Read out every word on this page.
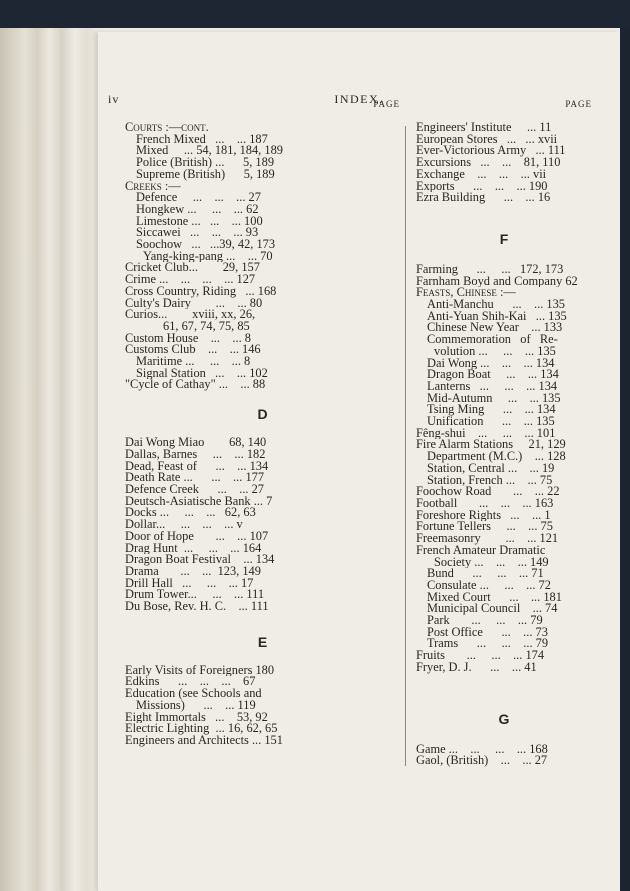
iv	INDEX.
PAGE
Courts :—cont.
French Mixed   ...    ... 187
Mixed     ... 54, 181, 184, 189
Police (British) ...      5, 189
Supreme (British)      5, 189
Creeks :—
Defence     ...    ...    ... 27
Hongkew ...     ...    ... 62
Limestone ...   ...    ... 100
Siccawei   ...    ...    ... 93
Soochow   ...   ...39, 42, 173
Yang-king-pang ...    ... 70
Cricket Club...        29, 157
Crime ...    ...    ...    ... 127
Cross Country, Riding   ... 168
Culty's Dairy        ...    ... 80
Curios...        xviii, xx, 26,
61, 67, 74, 75, 85
Custom House    ...    ... 8
Customs Club    ...    ... 146
Maritime ...     ...    ... 8
Signal Station   ...    ... 102
"Cycle of Cathay" ...    ... 88
D
Dai Wong Miao        68, 140
Dallas, Barnes     ...    ... 182
Dead, Feast of      ...    ... 134
Death Rate ...      ...    ... 177
Defence Creek      ...    ... 27
Deutsch-Asiatische Bank ... 7
Docks ...     ...    ...   62, 63
Dollar...     ...    ...    ... v
Door of Hope       ...    ... 107
Drag Hunt  ...     ...    ... 164
Dragon Boat Festival    ... 134
Drama       ...    ...  123, 149
Drill Hall   ...     ...    ... 17
Drum Tower...     ...    ... 111
Du Bose, Rev. H. C.    ... 111
E
Early Visits of Foreigners 180
Edkins      ...    ...    ...    67
Education (see Schools and
Missions)      ...    ... 119
Eight Immortals   ...    53, 92
Electric Lighting  ... 16, 62, 65
Engineers and Architects ... 151
PAGE
Engineers' Institute     ... 11
European Stores   ...   ... xvii
Ever-Victorious Army   ... 111
Excursions   ...    ...    81, 110
Exchange    ...    ...    ... vii
Exports      ...    ...    ... 190
Ezra Building      ...    ... 16
F
Farming      ...     ...   172, 173
Farnham Boyd and Company 62
Feasts, Chinese :—
Anti-Manchu      ...    ... 135
Anti-Yuan Shih-Kai   ... 135
Chinese New Year    ... 133
Commemoration   of   Re-
volution ...     ...    ... 135
Dai Wong ...    ...    ... 134
Dragon Boat     ...    ... 134
Lanterns   ...     ...    ... 134
Mid-Autumn     ...    ... 135
Tsing Ming      ...    ... 134
Unification      ...    ... 135
Fêng-shui    ...     ...    ... 101
Fire Alarm Stations     21, 129
Department (M.C.)    ... 128
Station, Central ...    ... 19
Station, French ...    ... 75
Foochow Road       ...    ... 22
Football       ...    ...    ... 163
Foreshore Rights   ...    ... 1
Fortune Tellers     ...    ... 75
Freemasonry        ...    ... 121
French Amateur Dramatic
Society ...    ...    ... 149
Bund      ...     ...    ... 71
Consulate ...     ...    ... 72
Mixed Court      ...    ... 181
Municipal Council    ... 74
Park       ...     ...    ... 79
Post Office      ...    ... 73
Trams      ...     ...    ... 79
Fruits       ...     ...    ... 174
Fryer, D. J.      ...    ... 41
G
Game ...    ...     ...    ... 168
Gaol, (British)    ...    ... 27
